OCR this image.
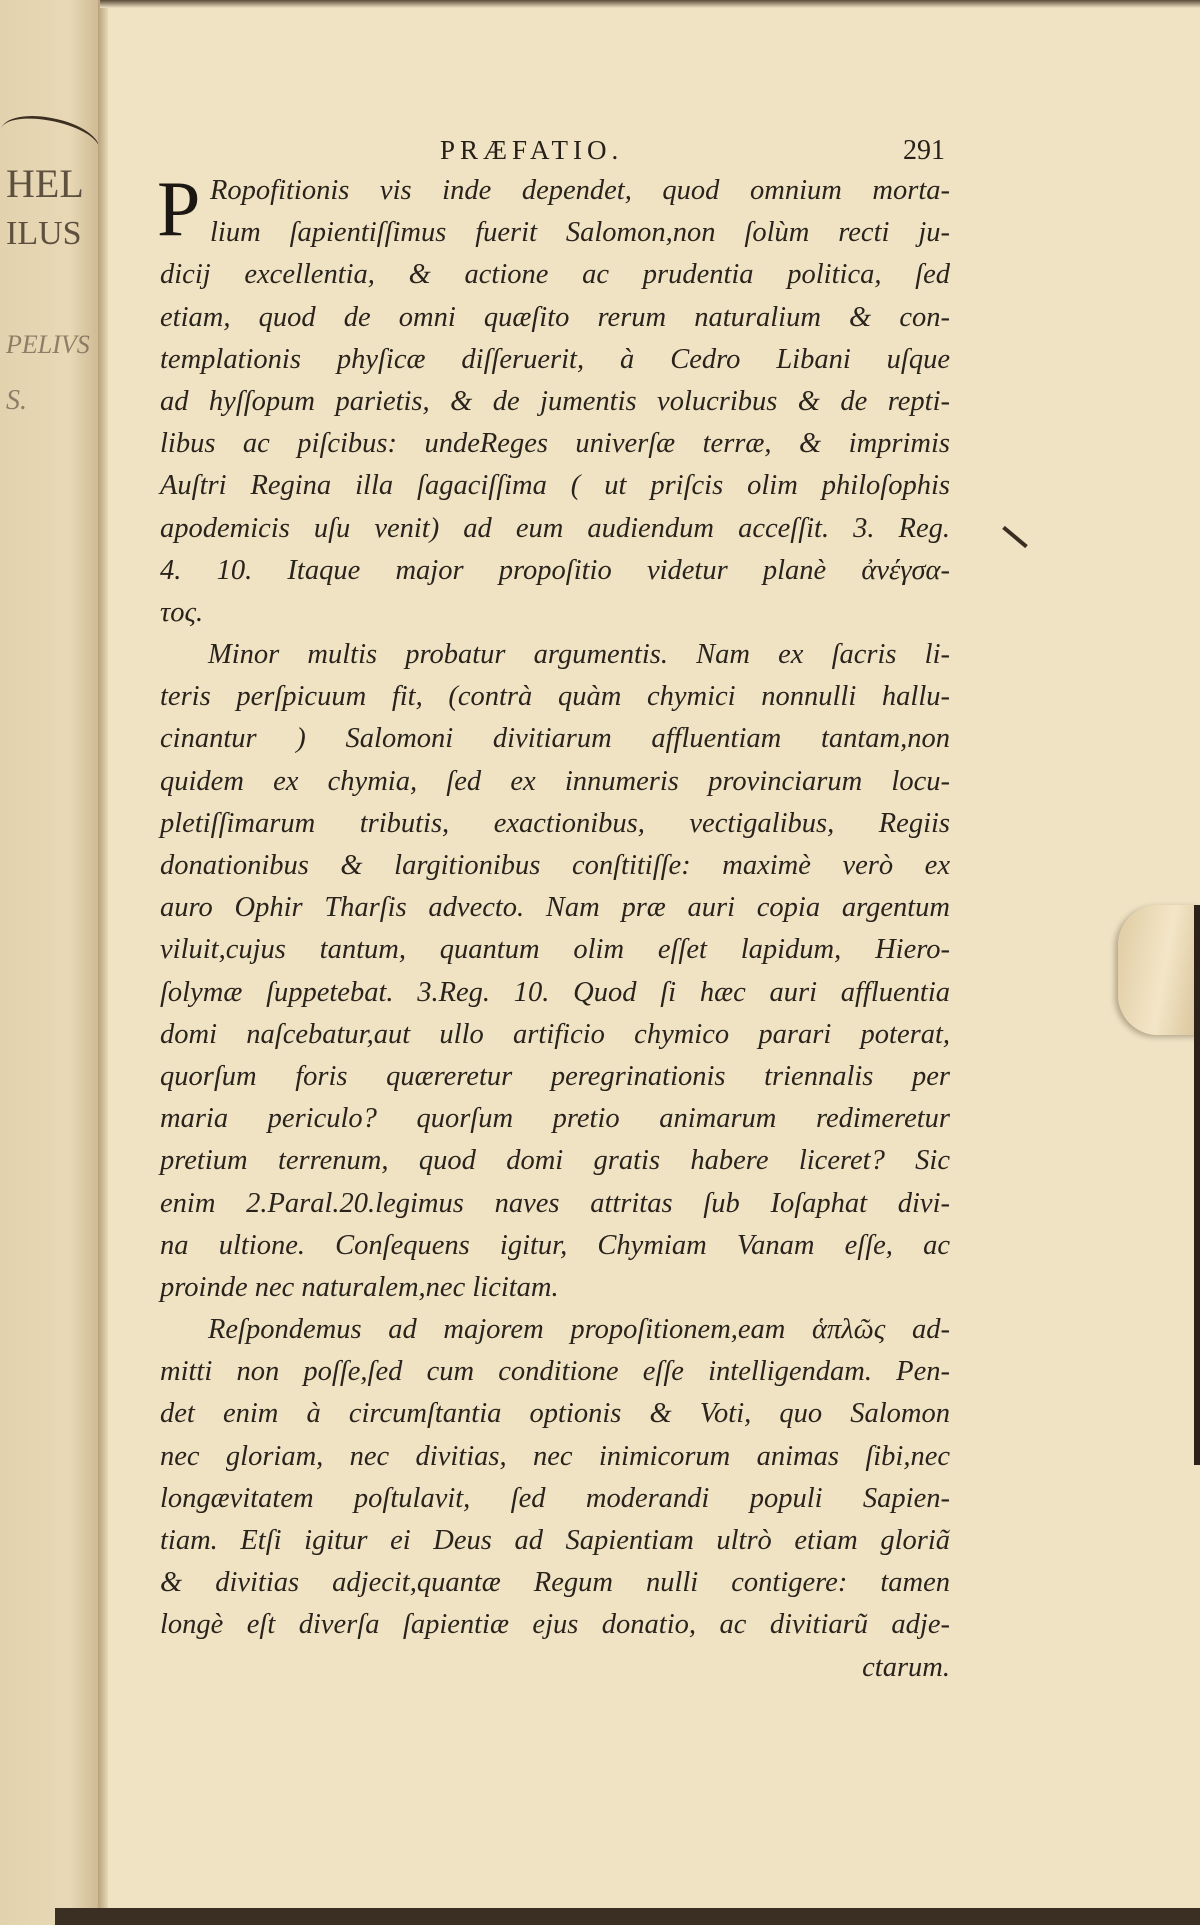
HEL
ILUS
PELIVS
S.
PRÆFATIO.	291
P Ropofitionis vis inde dependet, quod omnium morta-
lium ſapientiſſimus fuerit Salomon,non ſolùm recti ju-
dicij excellentia, & actione ac prudentia politica, ſed
etiam, quod de omni quæſito rerum naturalium & con-
templationis phyſicæ diſſeruerit, à Cedro Libani uſque
ad hyſſopum parietis, & de jumentis volucribus & de repti-
libus ac piſcibus: undeReges univerſæ terræ, & imprimis
Auſtri Regina illa ſagaciſſima ( ut priſcis olim philoſophis
apodemicis uſu venit) ad eum audiendum acceſſit. 3. Reg.
4. 10. Itaque major propoſitio videtur planè ἀνέγσα-
τος.
Minor multis probatur argumentis. Nam ex ſacris li-
teris perſpicuum fit, (contrà quàm chymici nonnulli hallu-
cinantur ) Salomoni divitiarum affluentiam tantam,non
quidem ex chymia, ſed ex innumeris provinciarum locu-
pletiſſimarum tributis, exactionibus, vectigalibus, Regiis
donationibus & largitionibus conſtitiſſe: maximè verò ex
auro Ophir Tharſis advecto. Nam præ auri copia argentum
viluit,cujus tantum, quantum olim eſſet lapidum, Hiero-
ſolymæ ſuppetebat. 3.Reg. 10. Quod ſi hæc auri affluentia
domi naſcebatur,aut ullo artificio chymico parari poterat,
quorſum foris quæreretur peregrinationis triennalis per
maria periculo? quorſum pretio animarum redimeretur
pretium terrenum, quod domi gratis habere liceret? Sic
enim 2.Paral.20.legimus naves attritas ſub Ioſaphat divi-
na ultione. Conſequens igitur, Chymiam Vanam eſſe, ac
proinde nec naturalem,nec licitam.
Reſpondemus ad majorem propoſitionem,eam ἁπλῶς ad-
mitti non poſſe,ſed cum conditione eſſe intelligendam. Pen-
det enim à circumſtantia optionis & Voti, quo Salomon
nec gloriam, nec divitias, nec inimicorum animas ſibi,nec
longævitatem poſtulavit, ſed moderandi populi Sapien-
tiam. Etſi igitur ei Deus ad Sapientiam ultrò etiam gloriã
& divitias adjecit,quantæ Regum nulli contigere: tamen
longè eſt diverſa ſapientiæ ejus donatio, ac divitiarũ adje-
ctarum.
